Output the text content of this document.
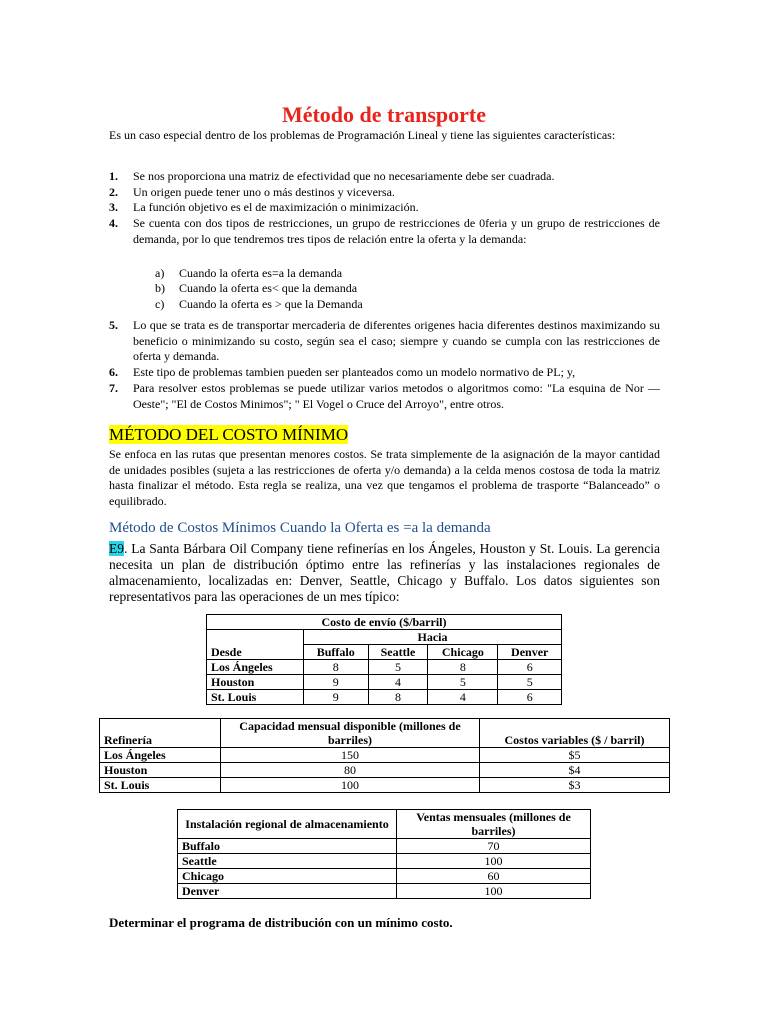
Método de transporte
Es un caso especial dentro de los problemas de Programación Lineal y tiene las siguientes características:
1.	Se nos proporciona una matriz de efectividad que no necesariamente debe ser cuadrada.
2.	Un origen puede tener uno o más destinos y viceversa.
3.	La función objetivo es el de maximización o minimización.
4.	Se cuenta con dos tipos de restricciones, un grupo de restricciones de 0feria y un grupo de restricciones de demanda, por lo que tendremos tres tipos de relación entre la oferta y la demanda:
a) Cuando la oferta es=a la demanda
b) Cuando la oferta es< que la demanda
c) Cuando la oferta es > que la Demanda
5.	Lo que se trata es de transportar mercaderia de diferentes origenes hacia diferentes destinos maximizando su beneficio o minimizando su costo, según sea el caso; siempre y cuando se cumpla con las restricciones de oferta y demanda.
6.	Este tipo de problemas tambien pueden ser planteados como un modelo normativo de PL; y,
7.	Para resolver estos problemas se puede utilizar varios metodos o algoritmos como: "La esquina de Nor — Oeste"; "El de Costos Minimos"; " El Vogel o Cruce del Arroyo", entre otros.
MÉTODO DEL COSTO MÍNIMO
Se enfoca en las rutas que presentan menores costos. Se trata simplemente de la asignación de la mayor cantidad de unidades posibles (sujeta a las restricciones de oferta y/o demanda) a la celda menos costosa de toda la matriz hasta finalizar el método. Esta regla se realiza, una vez que tengamos el problema de trasporte “Balanceado” o equilibrado.
Método de Costos Mínimos Cuando la Oferta es =a la demanda
E9. La Santa Bárbara Oil Company tiene refinerías en los Ángeles, Houston y St. Louis. La gerencia necesita un plan de distribución óptimo entre las refinerías y las instalaciones regionales de almacenamiento, localizadas en: Denver, Seattle, Chicago y Buffalo. Los datos siguientes son representativos para las operaciones de un mes típico:
Costo de envío ($/barril)				
	Hacia			
Desde	Buffalo	Seattle	Chicago	Denver
Los Ángeles	8	5	8	6
Houston	9	4	5	5
St. Louis	9	8	4	6
Refinería	Capacidad mensual disponible (millones de barriles)	Costos variables ($ / barril)
Los Ángeles	150	$5
Houston	80	$4
St. Louis	100	$3
Instalación regional de almacenamiento	Ventas mensuales (millones de barriles)
Buffalo	70
Seattle	100
Chicago	60
Denver	100
Determinar el programa de distribución con un mínimo costo.
